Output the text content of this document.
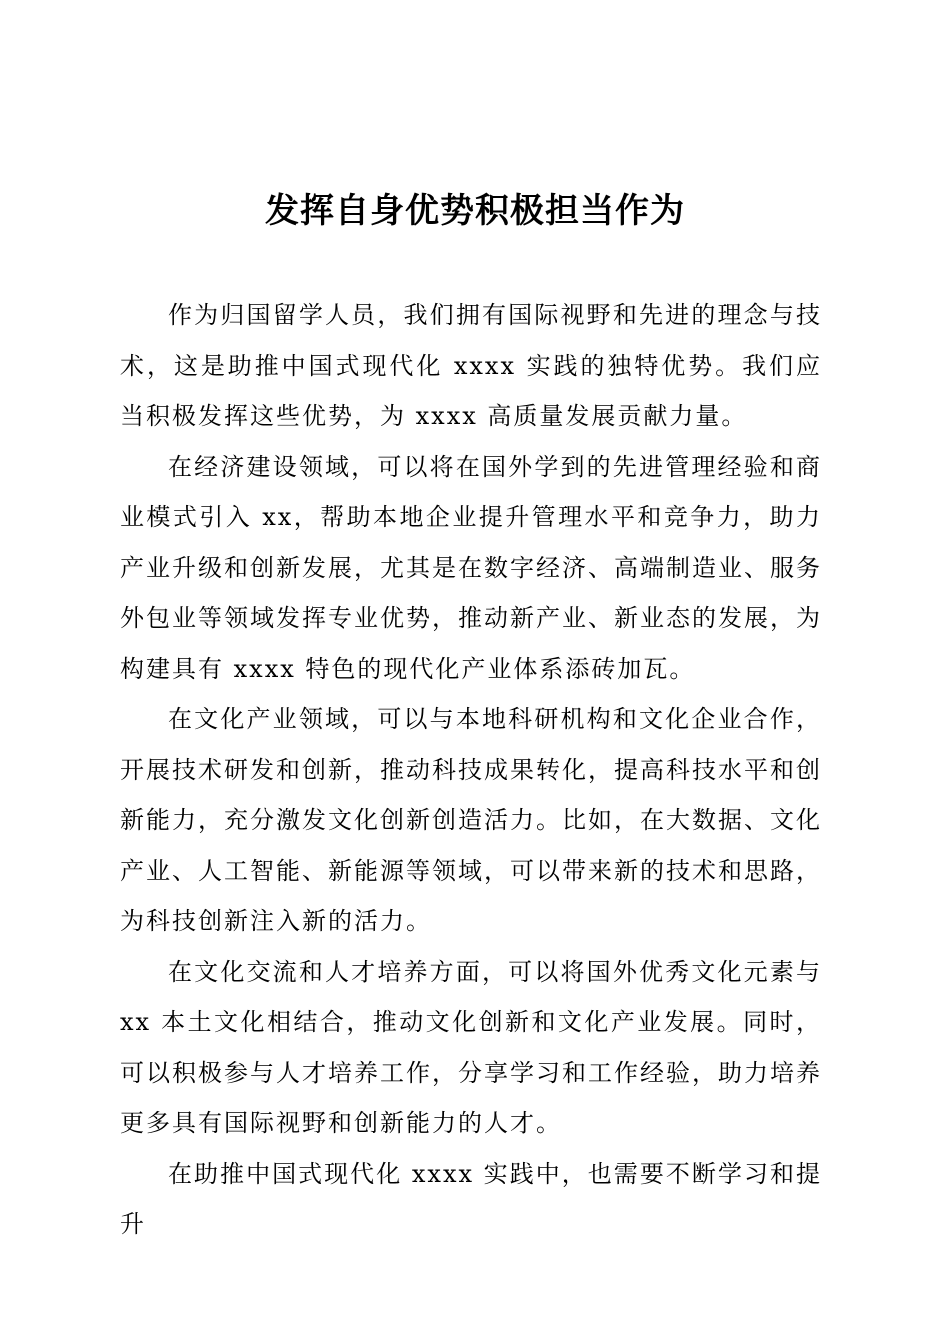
发挥自身优势积极担当作为

作为归国留学人员，我们拥有国际视野和先进的理念与技术，这是助推中国式现代化 xxxx 实践的独特优势。我们应当积极发挥这些优势，为 xxxx 高质量发展贡献力量。

在经济建设领域，可以将在国外学到的先进管理经验和商业模式引入 xx，帮助本地企业提升管理水平和竞争力，助力产业升级和创新发展，尤其是在数字经济、高端制造业、服务外包业等领域发挥专业优势，推动新产业、新业态的发展，为构建具有 xxxx 特色的现代化产业体系添砖加瓦。

在文化产业领域，可以与本地科研机构和文化企业合作，开展技术研发和创新，推动科技成果转化，提高科技水平和创新能力，充分激发文化创新创造活力。比如，在大数据、文化产业、人工智能、新能源等领域，可以带来新的技术和思路，为科技创新注入新的活力。

在文化交流和人才培养方面，可以将国外优秀文化元素与 xx 本土文化相结合，推动文化创新和文化产业发展。同时，可以积极参与人才培养工作，分享学习和工作经验，助力培养更多具有国际视野和创新能力的人才。

在助推中国式现代化 xxxx 实践中，也需要不断学习和提升
